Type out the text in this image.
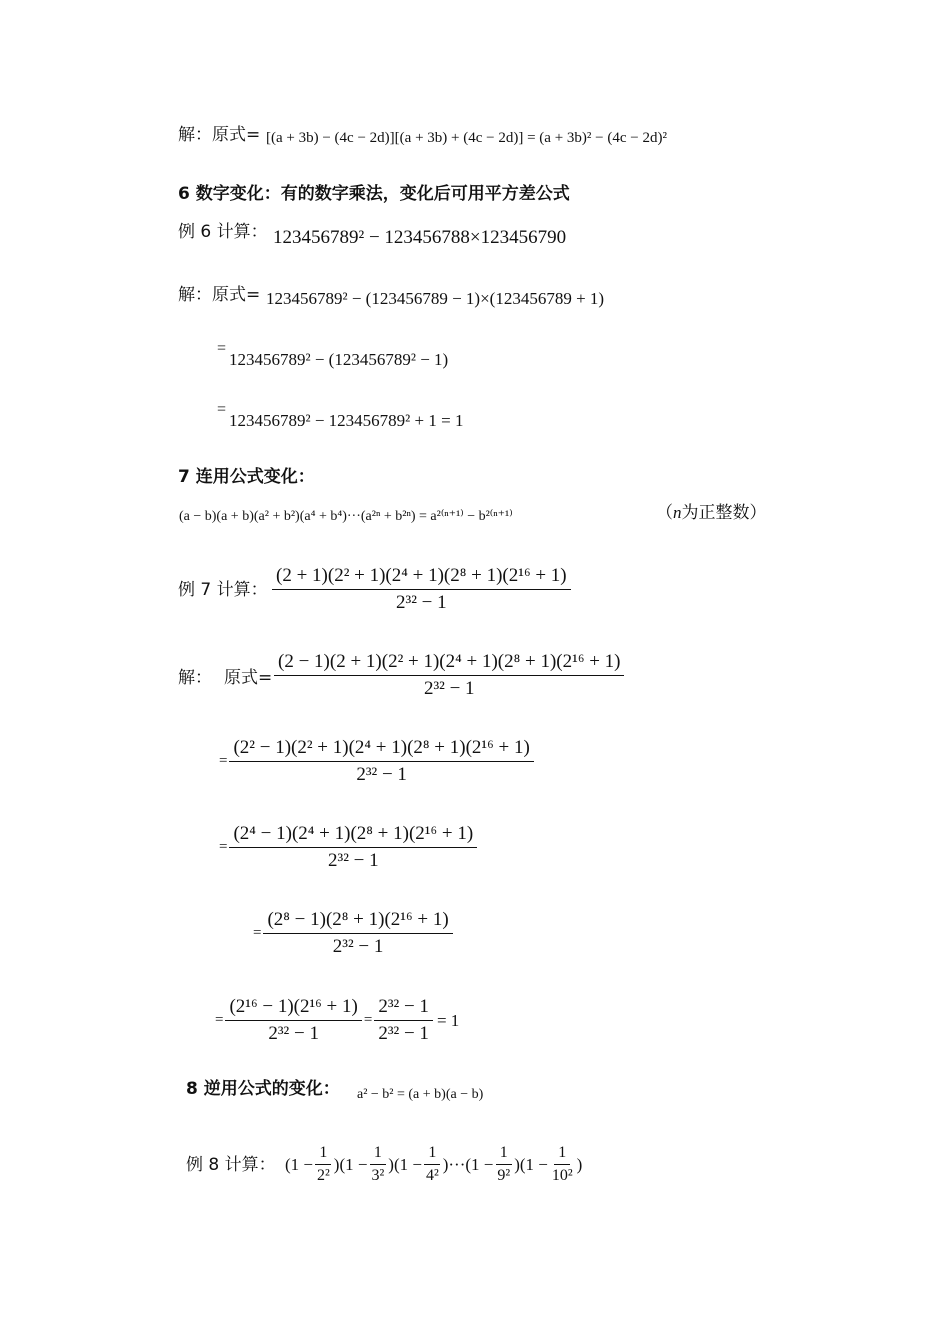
解：原式= [(a + 3b) − (4c − 2d)][(a + 3b) + (4c − 2d)] = (a + 3b)² − (4c − 2d)²
6 数字变化：有的数字乘法，变化后可用平方差公式
例 6 计算： 123456789² − 123456788×123456790
解：原式= 123456789² − (123456789 − 1)×(123456789 + 1)
=
123456789² − (123456789² − 1)
=
123456789² − 123456789² + 1 = 1
7 连用公式变化：
(a − b)(a + b)(a² + b²)(a⁴ + b⁴)···(a²ⁿ + b²ⁿ) = a²⁽ⁿ⁺¹⁾ − b²⁽ⁿ⁺¹⁾	（n为正整数）
例 7 计算： $\frac{\text{(2 + 1)(2² + 1)(2⁴ + 1)(2⁸ + 1)(2¹⁶ + 1)}}{\text{2³² − 1}}$
解： 原式= $\frac{\text{(2 − 1)(2 + 1)(2² + 1)(2⁴ + 1)(2⁸ + 1)(2¹⁶ + 1)}}{\text{2³² − 1}}$
= $\frac{\text{(2² − 1)(2² + 1)(2⁴ + 1)(2⁸ + 1)(2¹⁶ + 1)}}{\text{2³² − 1}}$
= $\frac{\text{(2⁴ − 1)(2⁴ + 1)(2⁸ + 1)(2¹⁶ + 1)}}{\text{2³² − 1}}$
= $\frac{\text{(2⁸ − 1)(2⁸ + 1)(2¹⁶ + 1)}}{\text{2³² − 1}}$
= $\frac{\text{(2¹⁶ − 1)(2¹⁶ + 1)}}{\text{2³² − 1}} = \frac{\text{2³² − 1}}{\text{2³² − 1}} = 1$
8 逆用公式的变化： a² − b² = (a + b)(a − b)
例 8 计算： ($1 - \frac{1}{\text{2²}}$ ) ($1 - \frac{1}{\text{3²}}$ ) ($1 - \frac{1}{\text{4²}}$ )··· ($1 - \frac{1}{\text{9²}}$ ) ($1 - \frac{1}{\text{10²}}$ )
